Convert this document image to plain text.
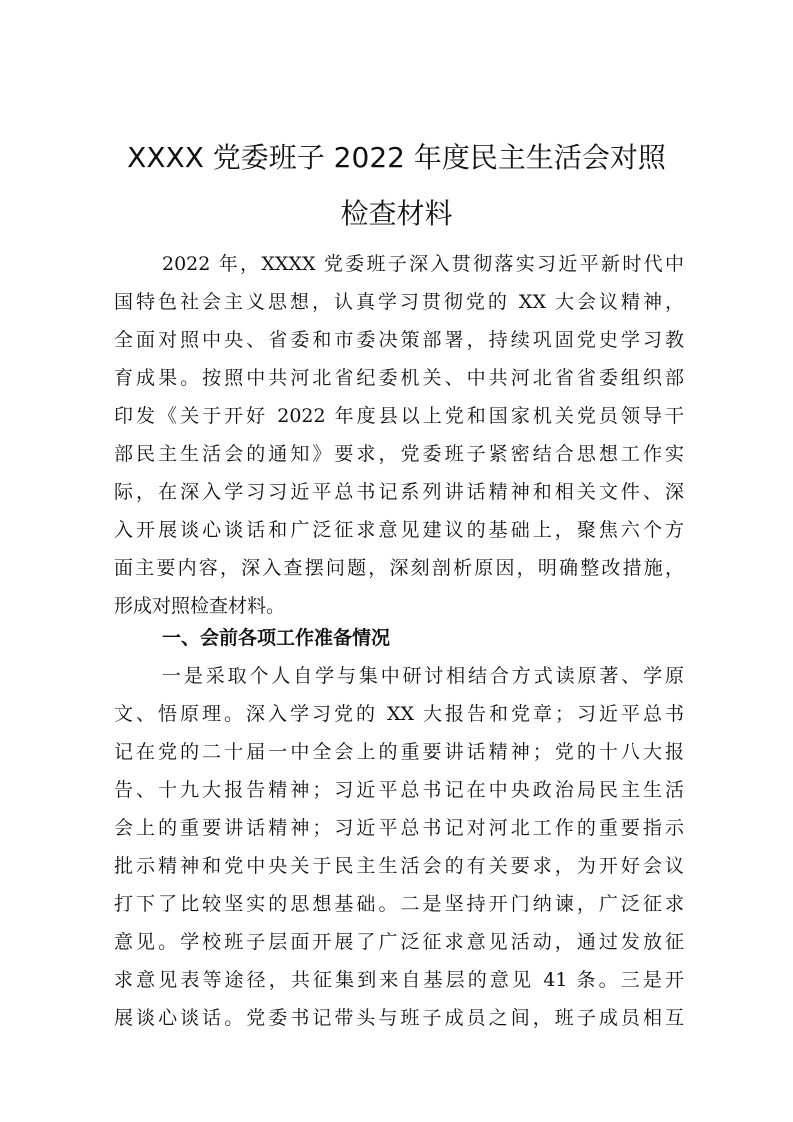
XXXX 党委班子 2022 年度民主生活会对照
检查材料

2022 年，XXXX 党委班子深入贯彻落实习近平新时代中

国特色社会主义思想，认真学习贯彻党的 XX 大会议精神，

全面对照中央、省委和市委决策部署，持续巩固党史学习教

育成果。按照中共河北省纪委机关、中共河北省省委组织部

印发《关于开好 2022 年度县以上党和国家机关党员领导干

部民主生活会的通知》要求，党委班子紧密结合思想工作实

际，在深入学习习近平总书记系列讲话精神和相关文件、深

入开展谈心谈话和广泛征求意见建议的基础上，聚焦六个方

面主要内容，深入查摆问题，深刻剖析原因，明确整改措施，

形成对照检查材料。

一、会前各项工作准备情况

一是采取个人自学与集中研讨相结合方式读原著、学原

文、悟原理。深入学习党的 XX 大报告和党章；习近平总书

记在党的二十届一中全会上的重要讲话精神；党的十八大报

告、十九大报告精神；习近平总书记在中央政治局民主生活

会上的重要讲话精神；习近平总书记对河北工作的重要指示

批示精神和党中央关于民主生活会的有关要求，为开好会议

打下了比较坚实的思想基础。二是坚持开门纳谏，广泛征求

意见。学校班子层面开展了广泛征求意见活动，通过发放征

求意见表等途径，共征集到来自基层的意见 41 条。三是开

展谈心谈话。党委书记带头与班子成员之间，班子成员相互
